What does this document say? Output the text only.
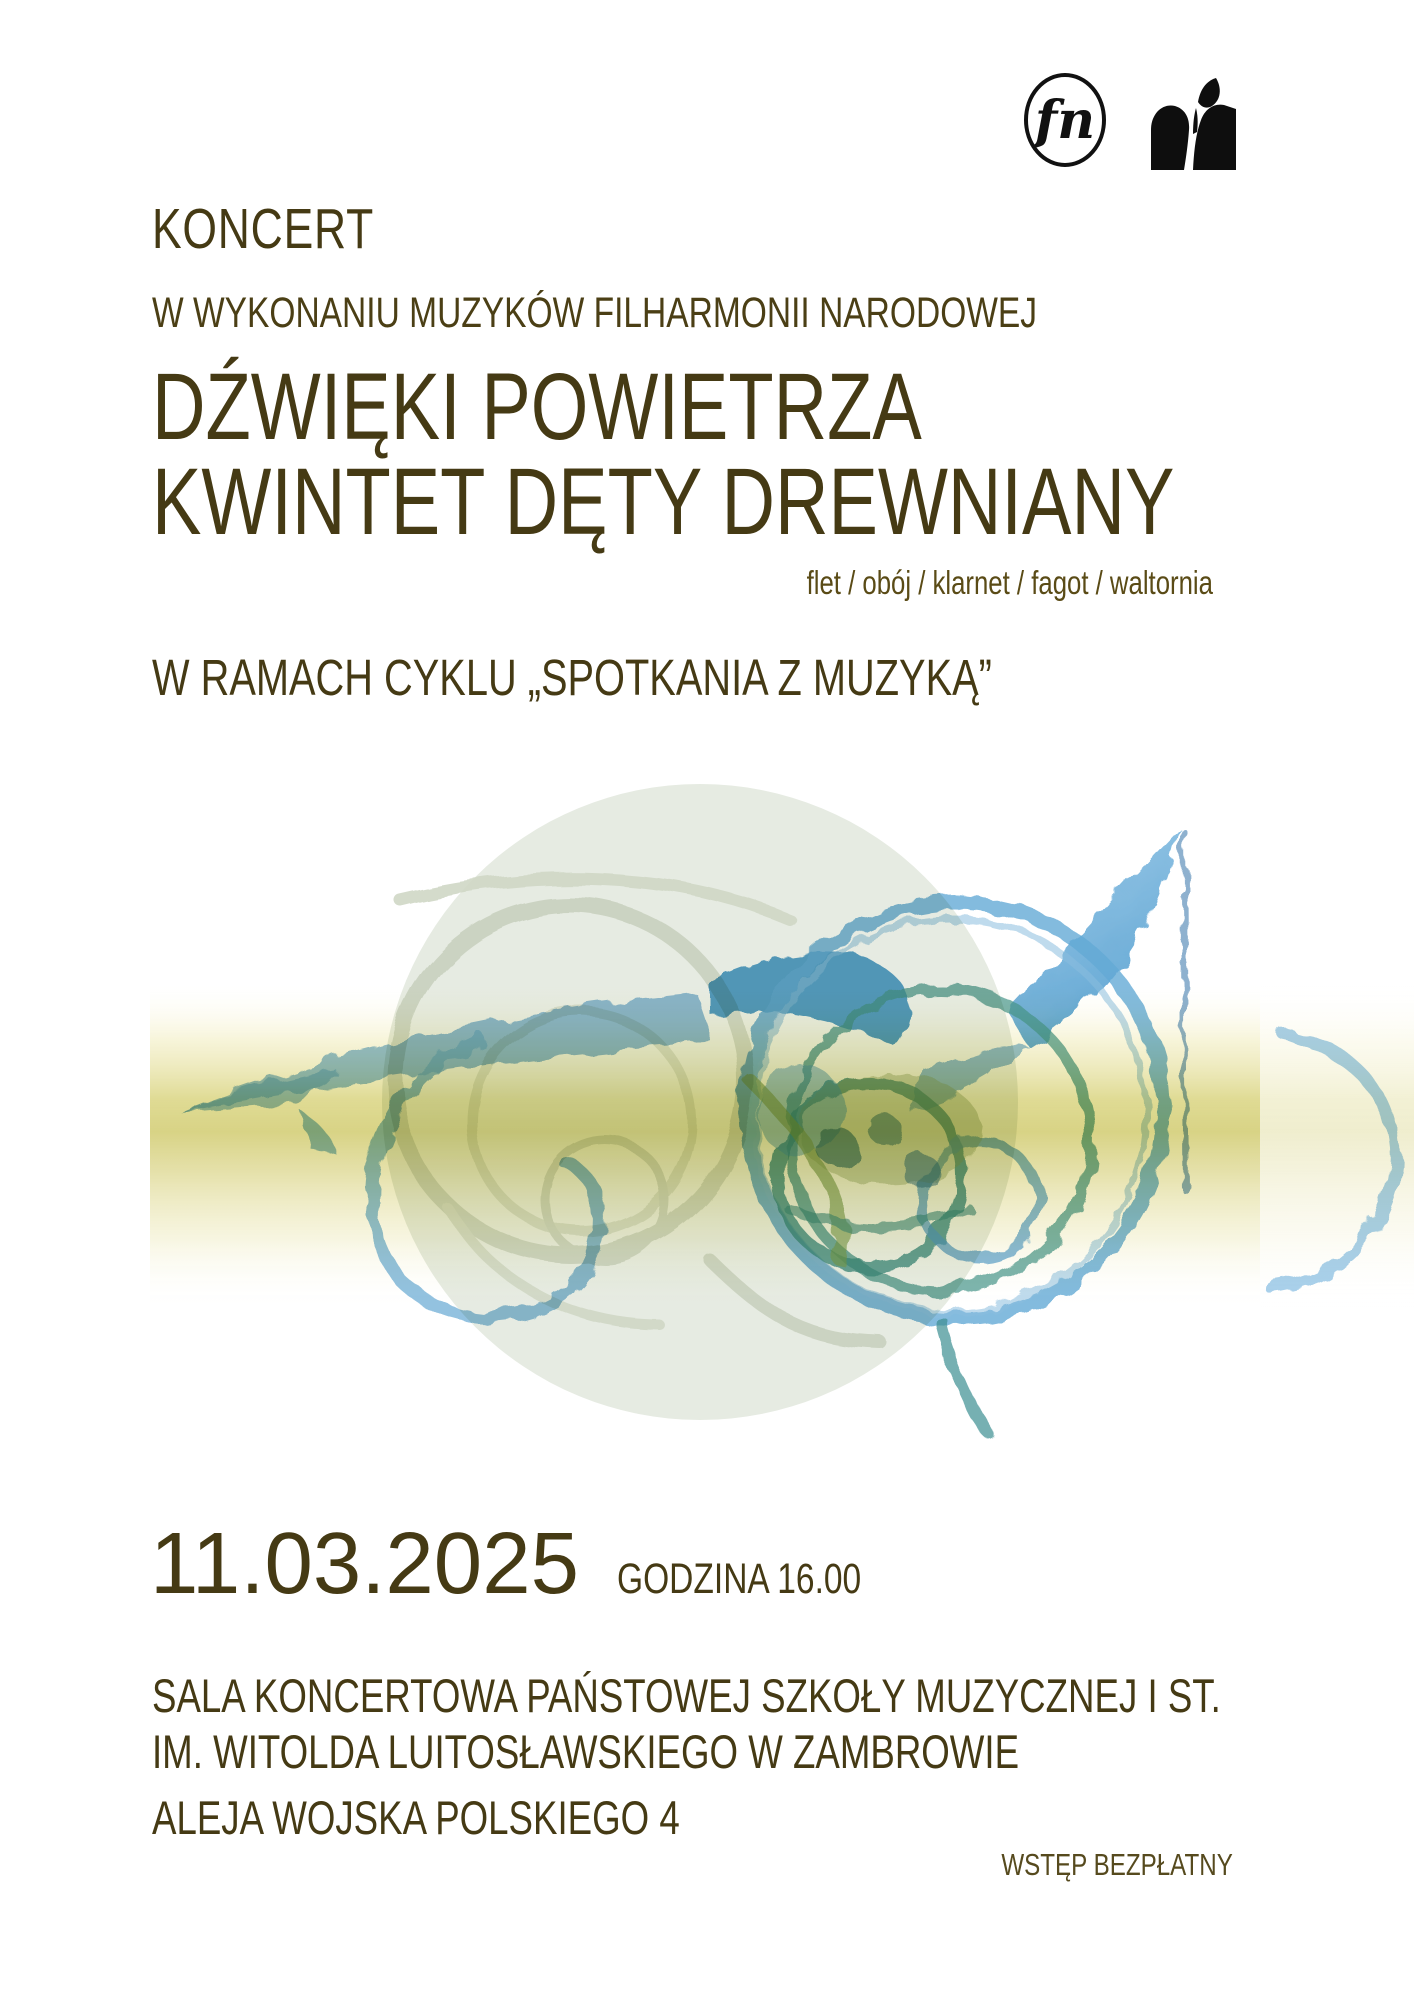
fn
KONCERT
W WYKONANIU MUZYKÓW FILHARMONII NARODOWEJ
DŹWIĘKI POWIETRZA
KWINTET DĘTY DREWNIANY
flet / obój / klarnet / fagot / waltornia
W RAMACH CYKLU „SPOTKANIA Z MUZYKĄ”
11.03.2025 GODZINA 16.00
SALA KONCERTOWA PAŃSTOWEJ SZKOŁY MUZYCZNEJ I ST.
IM. WITOLDA LUITOSŁAWSKIEGO W ZAMBROWIE
ALEJA WOJSKA POLSKIEGO 4
WSTĘP BEZPŁATNY
